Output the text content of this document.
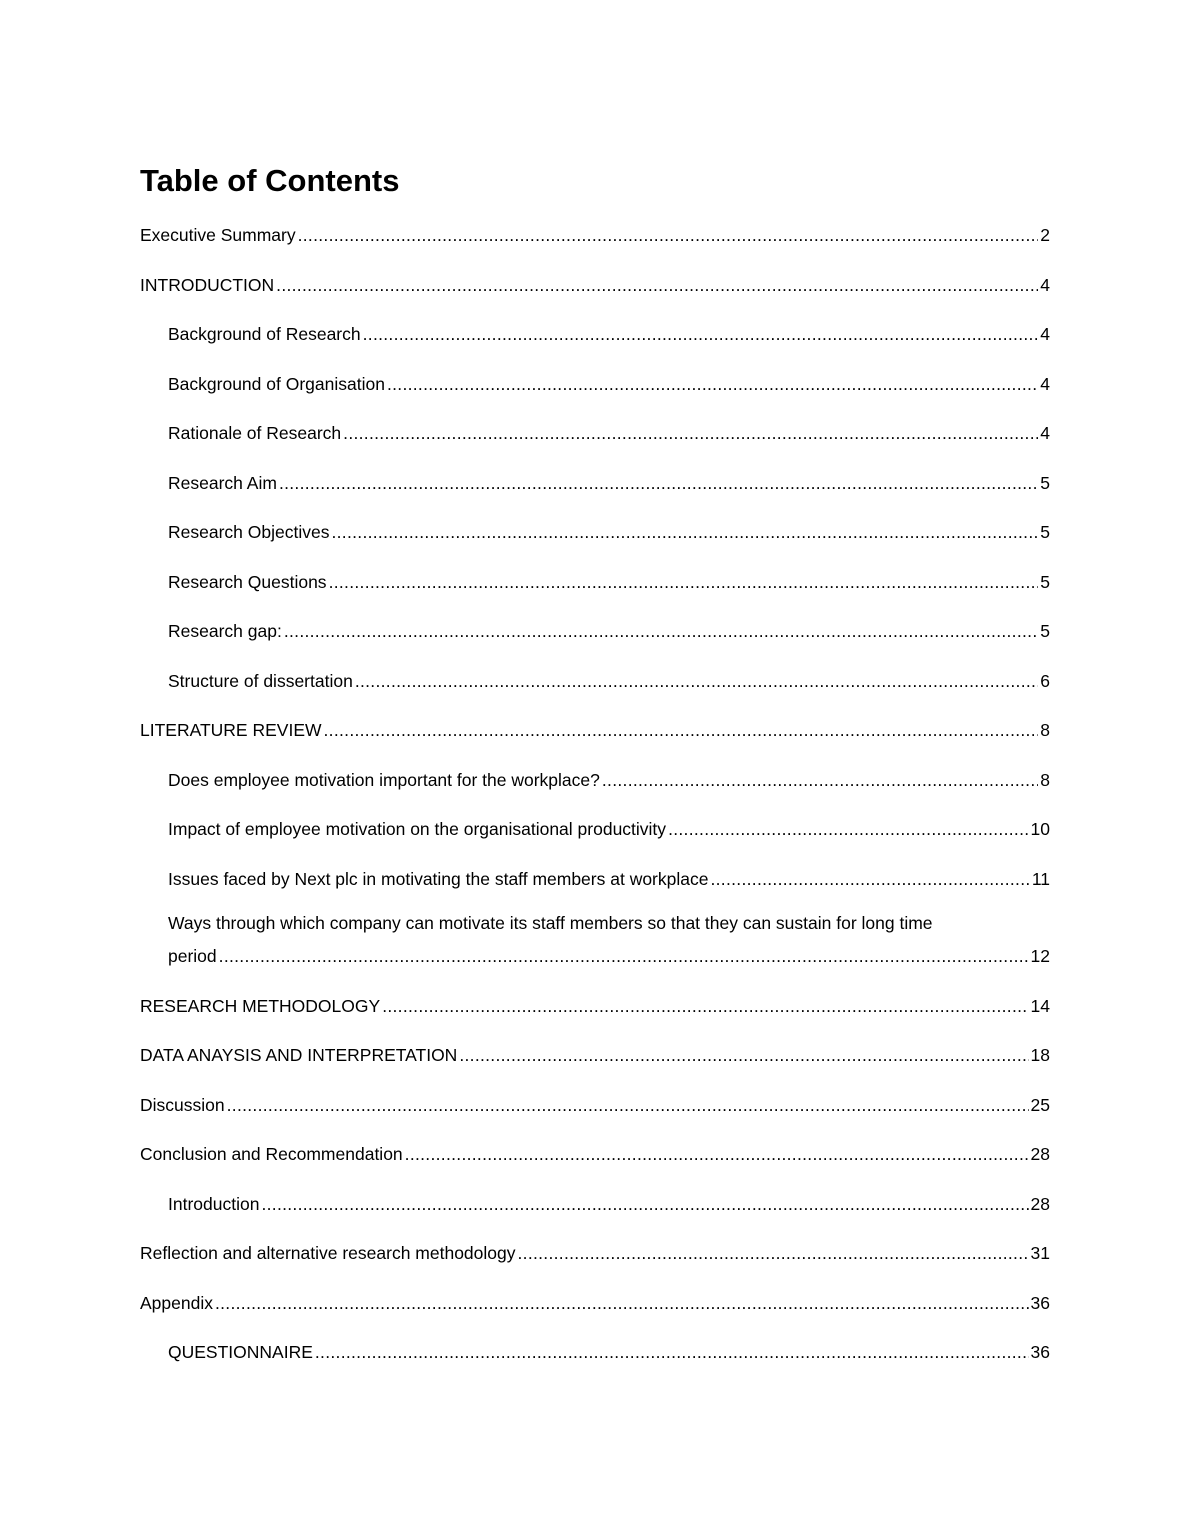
Table of Contents
Executive Summary .....	2
INTRODUCTION .....	4
Background of Research .....	4
Background of Organisation .....	4
Rationale of Research .....	4
Research Aim .....	5
Research Objectives .....	5
Research Questions .....	5
Research gap: .....	5
Structure of dissertation .....	6
LITERATURE REVIEW .....	8
Does employee motivation important for the workplace? .....	8
Impact of employee motivation on the organisational productivity .....	10
Issues faced by Next plc in motivating the staff members at workplace .....	11
Ways through which company can motivate its staff members so that they can sustain for long time
period .....	12
RESEARCH METHODOLOGY .....	14
DATA ANAYSIS AND INTERPRETATION .....	18
Discussion .....	25
Conclusion and Recommendation .....	28
Introduction .....	28
Reflection and alternative research methodology .....	31
Appendix .....	36
QUESTIONNAIRE .....	36
